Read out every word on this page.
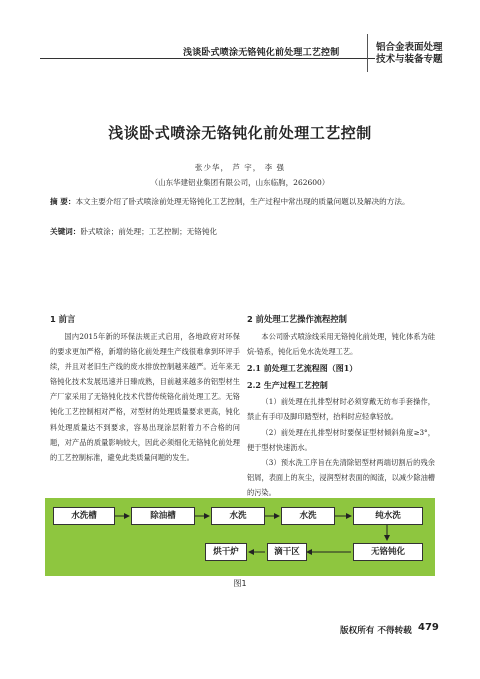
浅谈卧式喷涂无铬钝化前处理工艺控制	铝合金表面处理
技术与装备专题
浅谈卧式喷涂无铬钝化前处理工艺控制
张少华， 芦 宇， 李 强
（山东华建铝业集团有限公司，山东临朐，262600）
摘 要：本文主要介绍了卧式喷涂前处理无铬钝化工艺控制，生产过程中常出现的质量问题以及解决的方法。
关键词：卧式喷涂；前处理；工艺控制；无铬钝化
1 前言

国内2015年新的环保法规正式启用，各地政府对环保的要求更加严格，新增的铬化前处理生产线很难拿到环评手续，并且对老旧生产线的废水排放控制越来越严。近年来无铬钝化技术发展迅速并日臻成熟，目前越来越多的铝型材生产厂家采用了无铬钝化技术代替传统铬化前处理工艺。无铬钝化工艺控制相对严格，对型材的处理质量要求更高，钝化料处理质量达不到要求，容易出现涂层附着力不合格的问题，对产品的质量影响较大，因此必须细化无铬钝化前处理的工艺控制标准，避免此类质量问题的发生。

2 前处理工艺操作流程控制

本公司卧式喷涂线采用无铬钝化前处理，钝化体系为硅烷-锆系，钝化后免水洗处理工艺。

2.1 前处理工艺流程图（图1）
2.2 生产过程工艺控制

（1）前处理在扎排型材时必须穿戴无纺布手套操作，禁止有手印及脚印踏型材，抬料时应轻拿轻放。

（2）前处理在扎排型材时要保证型材倾斜角度≥3°，便于型材快速沥水。

（3）预水洗工序旨在先清除铝型材两端切割后的残余铝屑，表面上的灰尘，浸润型材表面的阀渣，以减少除油槽的污染。

水洗槽	除油槽	水洗	水洗	纯水洗
烘干炉	滴干区	无铬钝化
图1
版权所有 不得转载 479
